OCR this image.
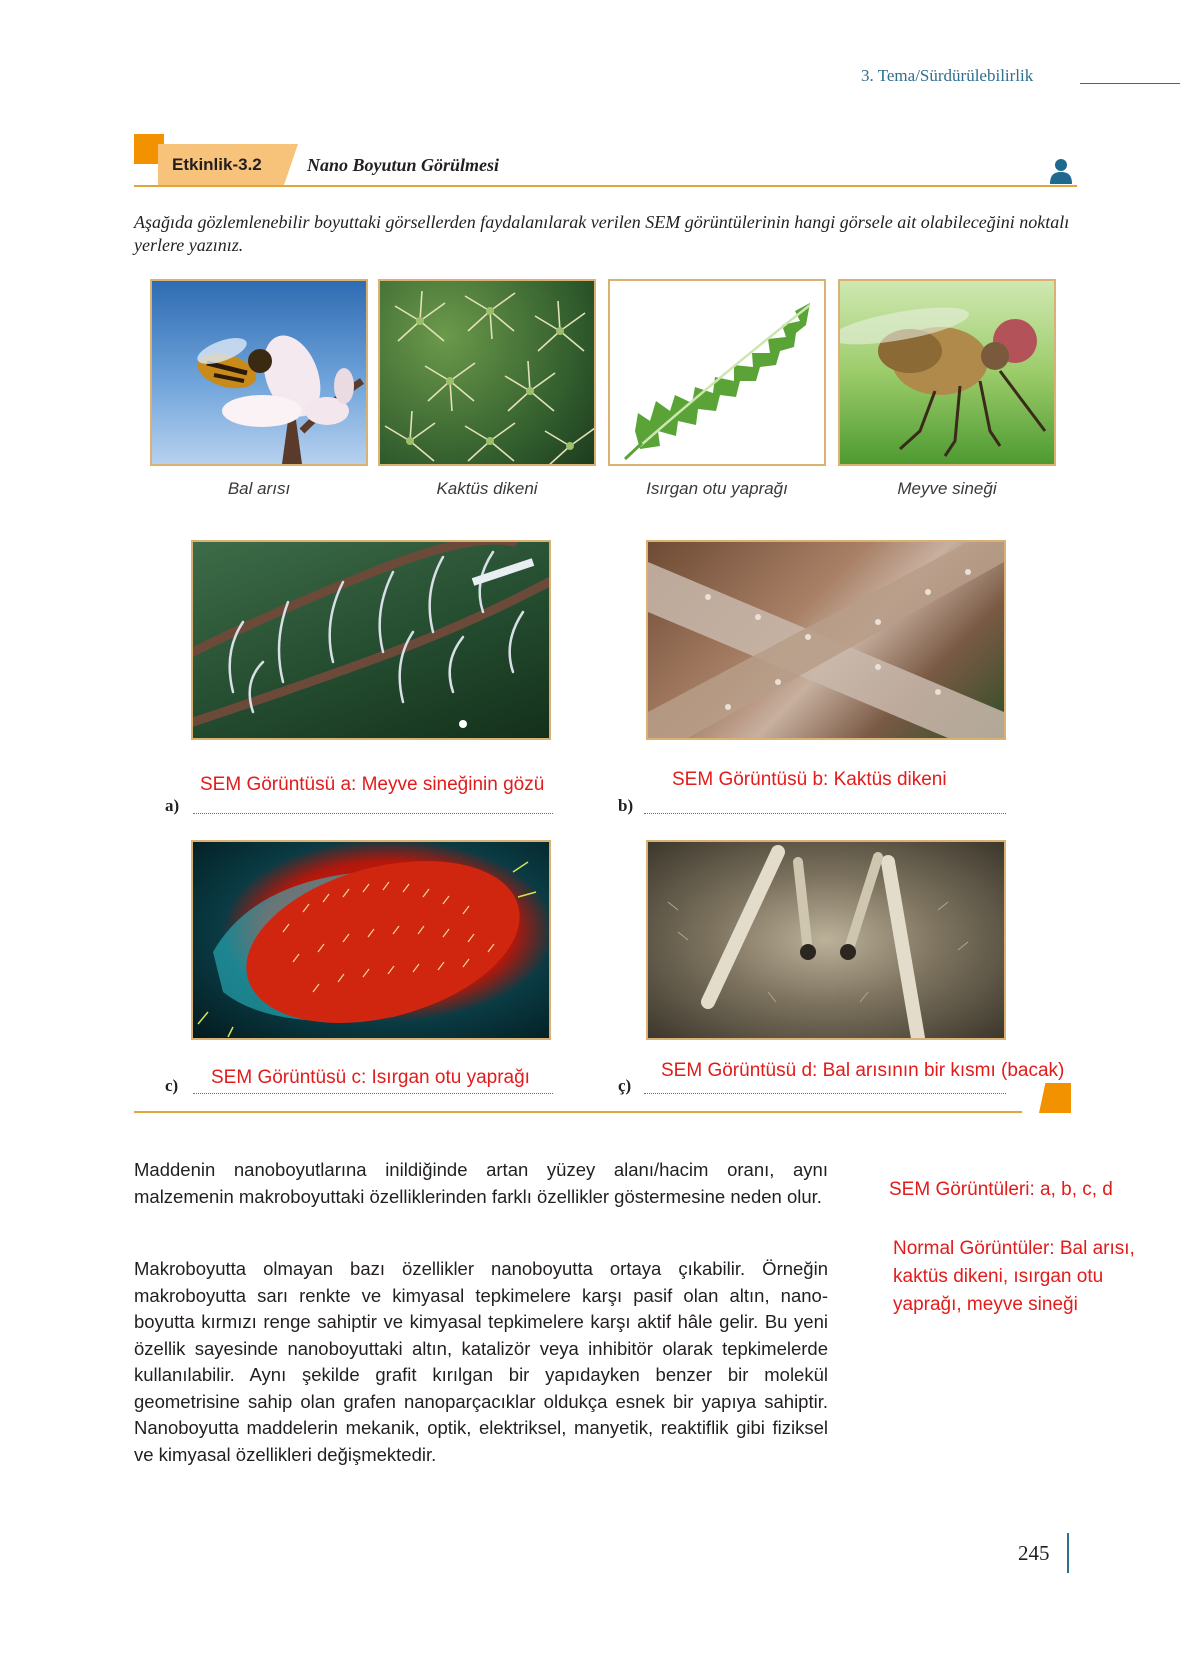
3. Tema/Sürdürülebilirlik
Etkinlik-3.2	Nano Boyutun Görülmesi
Aşağıda gözlemlenebilir boyuttaki görsellerden faydalanılarak verilen SEM görüntülerinin hangi görsele ait olabileceğini noktalı yerlere yazınız.
Bal arısı	Kaktüs dikeni	Isırgan otu yaprağı	Meyve sineği
SEM Görüntüsü a: Meyve sineğinin gözü
a)
SEM Görüntüsü b: Kaktüs dikeni
b)
SEM Görüntüsü c: Isırgan otu yaprağı
c)
SEM Görüntüsü d: Bal arısının bir kısmı (bacak)
ç)
Maddenin nanoboyutlarına inildiğinde artan yüzey alanı/hacim oranı, aynı malzemenin makroboyuttaki özelliklerinden farklı özellikler göstermesine neden olur.
Makroboyutta olmayan bazı özellikler nanoboyutta ortaya çıkabilir. Örneğin makroboyutta sarı renkte ve kimyasal tepkimelere karşı pasif olan altın, nano-boyutta kırmızı renge sahiptir ve kimyasal tepkimelere karşı aktif hâle gelir. Bu yeni özellik sayesinde nanoboyuttaki altın, katalizör veya inhibitör olarak tepkimelerde kullanılabilir. Aynı şekilde grafit kırılgan bir yapıdayken benzer bir molekül geometrisine sahip olan grafen nanoparçacıklar oldukça esnek bir yapıya sahiptir. Nanoboyutta maddelerin mekanik, optik, elektriksel, manyetik, reaktiflik gibi fiziksel ve kimyasal özellikleri değişmektedir.
SEM Görüntüleri: a, b, c, d
Normal Görüntüler: Bal arısı, kaktüs dikeni, ısırgan otu yaprağı, meyve sineği
245
